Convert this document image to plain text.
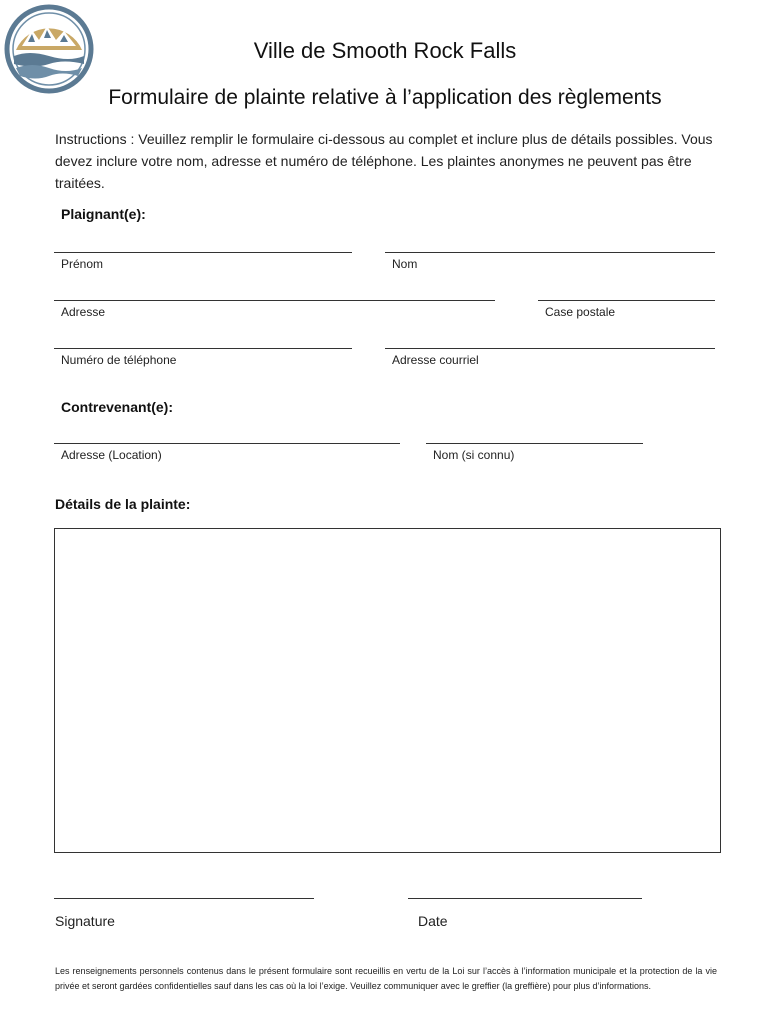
Ville de Smooth Rock Falls
Formulaire de plainte relative à l’application des règlements
Instructions : Veuillez remplir le formulaire ci-dessous au complet et inclure plus de détails possibles. Vous devez inclure votre nom, adresse et numéro de téléphone. Les plaintes anonymes ne peuvent pas être traitées.
Plaignant(e):
Prénom	Nom
Adresse	Case postale
Numéro de téléphone	Adresse courriel
Contrevenant(e):
Adresse (Location)	Nom (si connu)
Détails de la plainte:
Signature	Date
Les renseignements personnels contenus dans le présent formulaire sont recueillis en vertu de la Loi sur l’accès à l’information municipale et la protection de la vie privée et seront gardées confidentielles sauf dans les cas où la loi l’exige. Veuillez communiquer avec le greffier (la greffière) pour plus d’informations.
